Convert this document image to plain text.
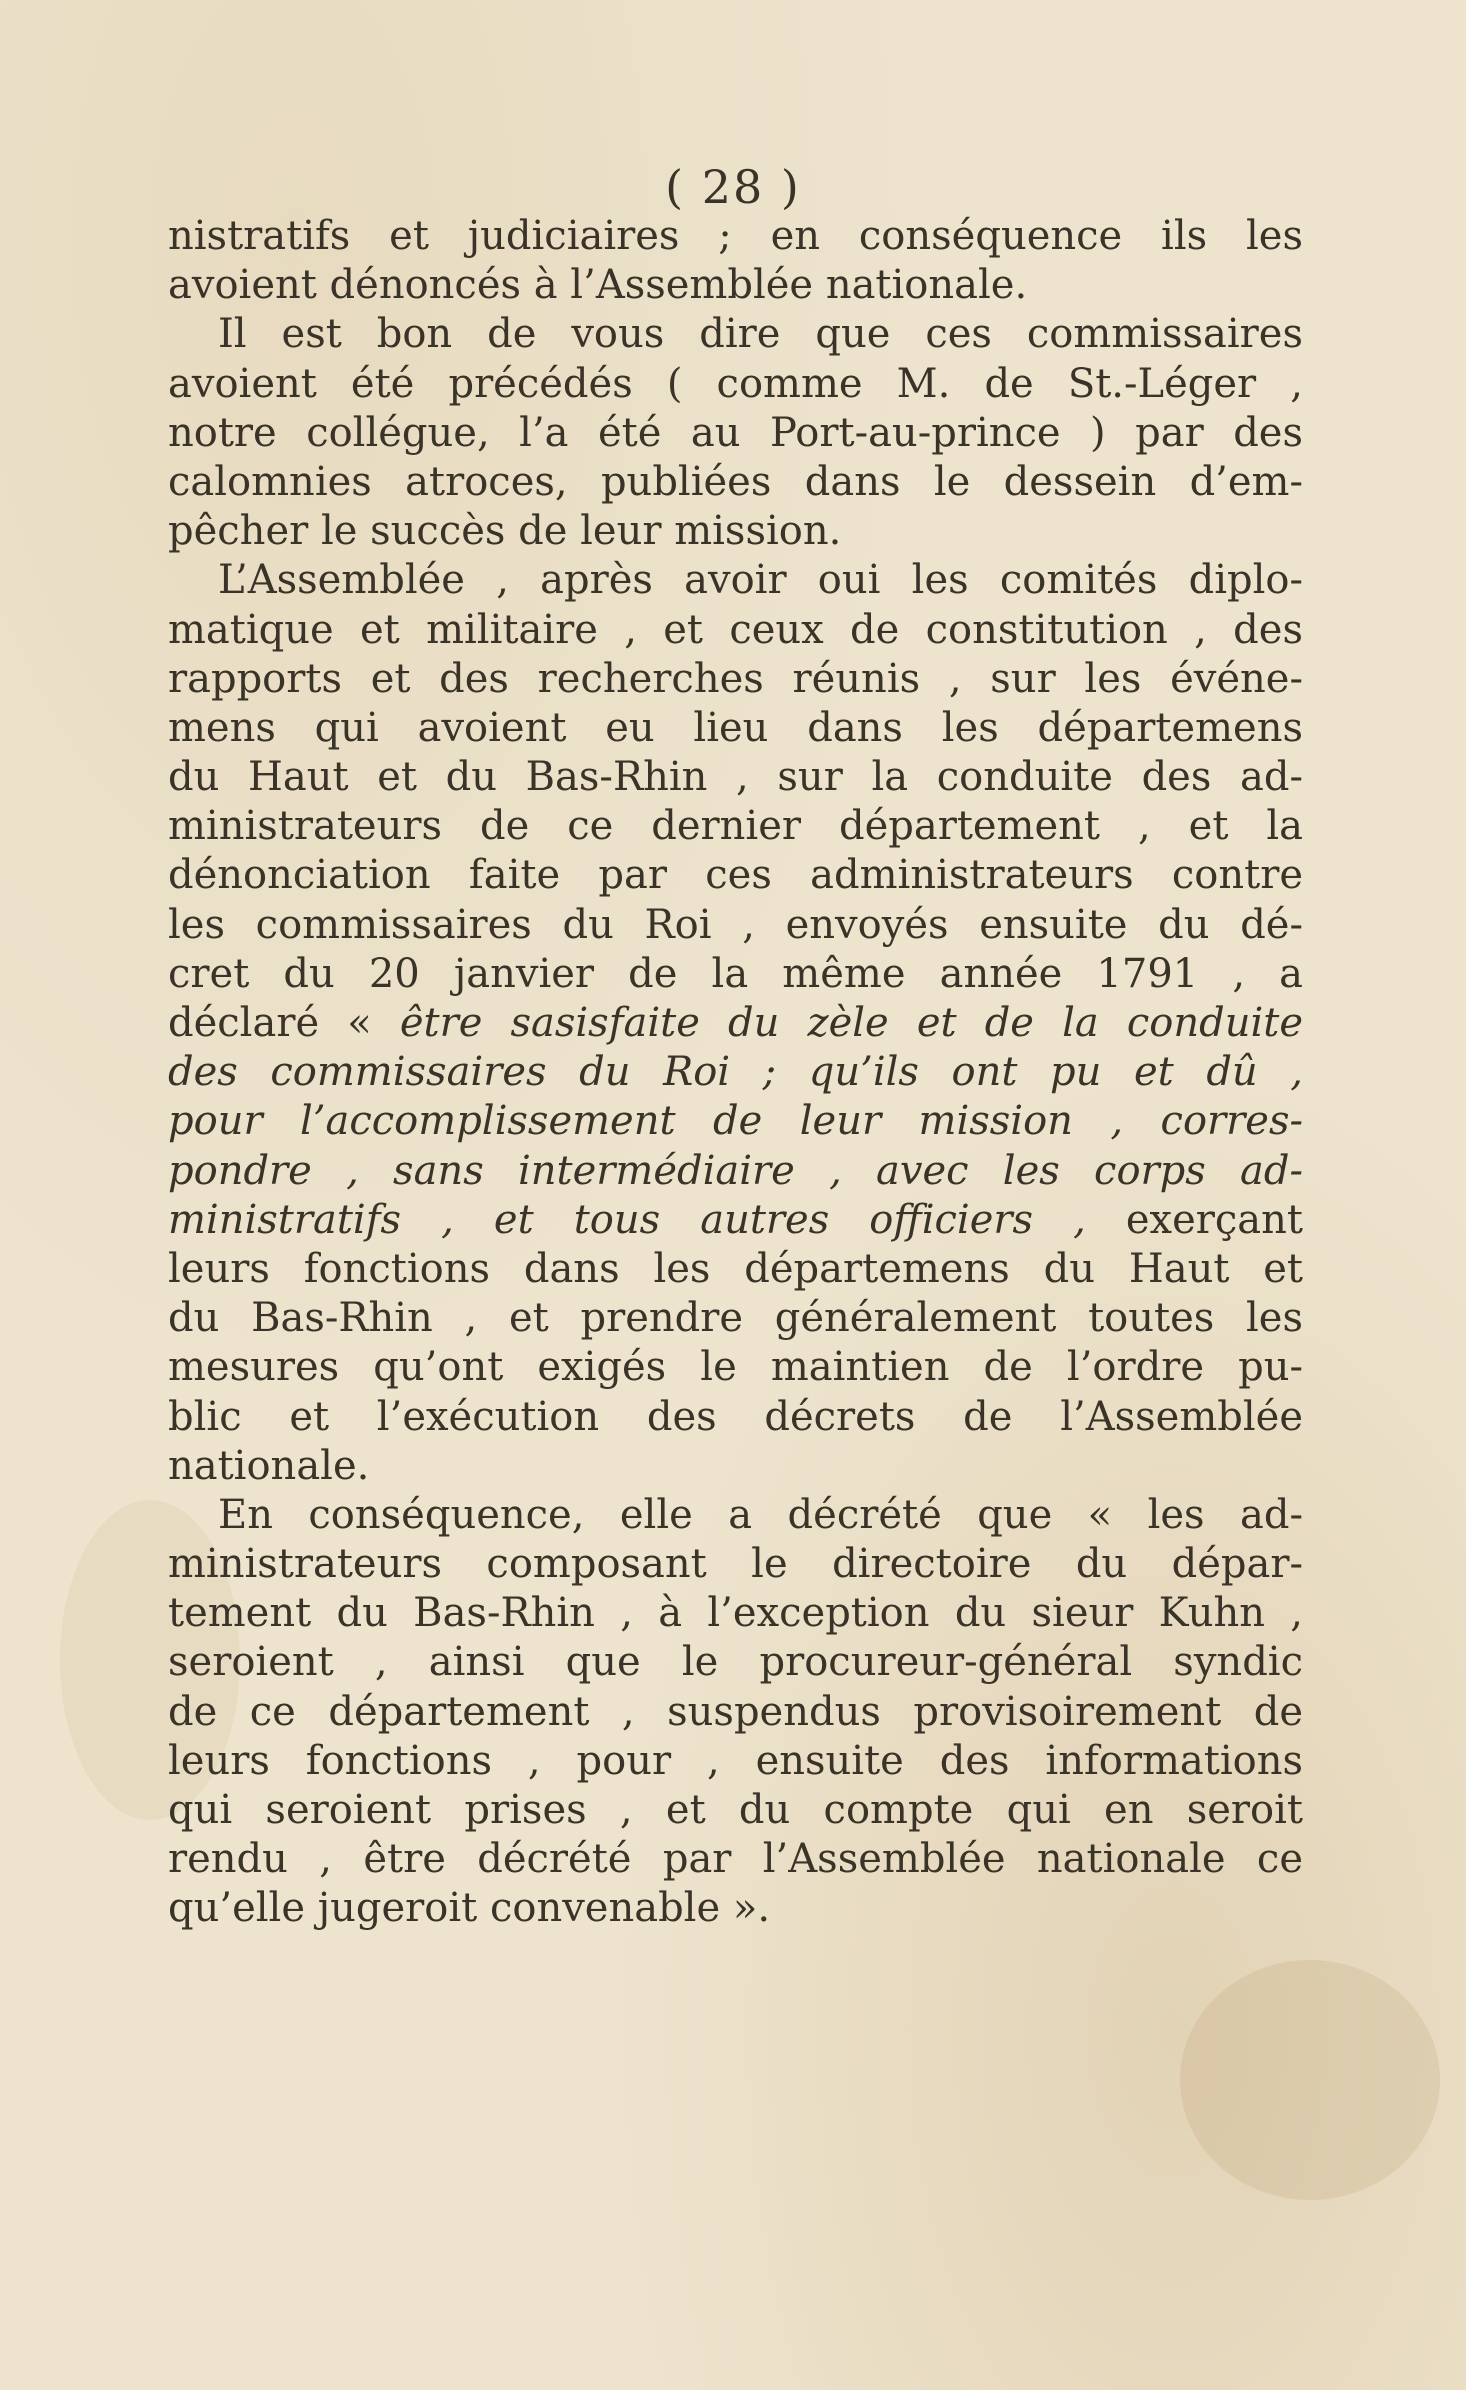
( 28 )
nistratifs et judiciaires ; en conséquence ils les
avoient dénoncés à l’Assemblée nationale.
Il est bon de vous dire que ces commissaires
avoient été précédés ( comme M. de St.-Léger ,
notre collégue, l’a été au Port-au-prince ) par des
calomnies atroces, publiées dans le dessein d’em-
pêcher le succès de leur mission.
L’Assemblée , après avoir oui les comités diplo-
matique et militaire , et ceux de constitution , des
rapports et des recherches réunis , sur les événe-
mens qui avoient eu lieu dans les départemens
du Haut et du Bas-Rhin , sur la conduite des ad-
ministrateurs de ce dernier département , et la
dénonciation faite par ces administrateurs contre
les commissaires du Roi , envoyés ensuite du dé-
cret du 20 janvier de la même année 1791 , a
déclaré « être sasisfaite du zèle et de la conduite
des commissaires du Roi ; qu’ils ont pu et dû ,
pour l’accomplissement de leur mission , corres-
pondre , sans intermédiaire , avec les corps ad-
ministratifs , et tous autres officiers , exerçant
leurs fonctions dans les départemens du Haut et
du Bas-Rhin , et prendre généralement toutes les
mesures qu’ont exigés le maintien de l’ordre pu-
blic et l’exécution des décrets de l’Assemblée
nationale.
En conséquence, elle a décrété que « les ad-
ministrateurs composant le directoire du dépar-
tement du Bas-Rhin , à l’exception du sieur Kuhn ,
seroient , ainsi que le procureur-général syndic
de ce département , suspendus provisoirement de
leurs fonctions , pour , ensuite des informations
qui seroient prises , et du compte qui en seroit
rendu , être décrété par l’Assemblée nationale ce
qu’elle jugeroit convenable ».
